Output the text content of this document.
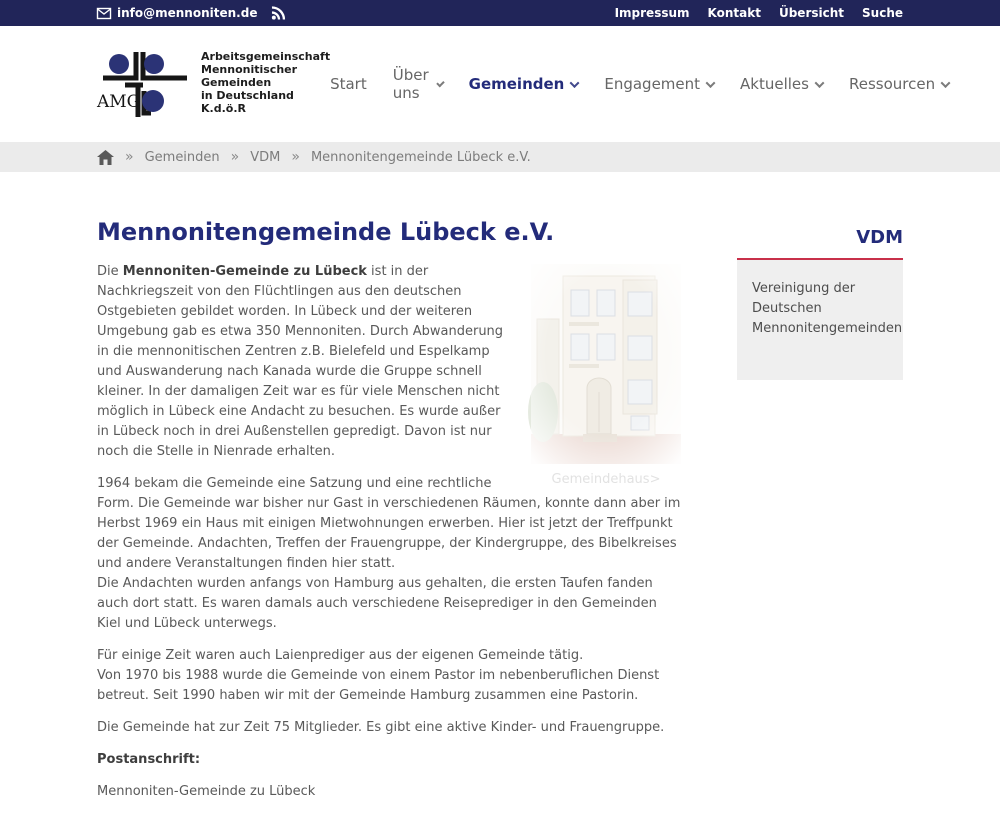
info@mennoniten.de	Impressum Kontakt Übersicht Suche
AMG
Arbeitsgemeinschaft
Mennonitischer Gemeinden
in Deutschland K.d.ö.R
Start Über uns	Gemeinden	Engagement	Aktuelles	Ressourcen
» Gemeinden » VDM » Mennonitengemeinde Lübeck e.V.
Mennonitengemeinde Lübeck e.V.
Gemeindehaus>

Die Mennoniten-Gemeinde zu Lübeck ist in der Nachkriegszeit von den Flüchtlingen aus den deutschen Ostgebieten gebildet worden. In Lübeck und der weiteren Umgebung gab es etwa 350 Mennoniten. Durch Abwanderung in die mennonitischen Zentren z.B. Bielefeld und Espelkamp und Auswanderung nach Kanada wurde die Gruppe schnell kleiner. In der damaligen Zeit war es für viele Menschen nicht möglich in Lübeck eine Andacht zu besuchen. Es wurde außer in Lübeck noch in drei Außenstellen gepredigt. Davon ist nur noch die Stelle in Nienrade erhalten.

1964 bekam die Gemeinde eine Satzung und eine rechtliche Form. Die Gemeinde war bisher nur Gast in verschiedenen Räumen, konnte dann aber im Herbst 1969 ein Haus mit einigen Mietwohnungen erwerben. Hier ist jetzt der Treffpunkt der Gemeinde. Andachten, Treffen der Frauengruppe, der Kindergruppe, des Bibelkreises und andere Veranstaltungen finden hier statt.
Die Andachten wurden anfangs von Hamburg aus gehalten, die ersten Taufen fanden auch dort statt. Es waren damals auch verschiedene Reiseprediger in den Gemeinden Kiel und Lübeck unterwegs.

Für einige Zeit waren auch Laienprediger aus der eigenen Gemeinde tätig.
Von 1970 bis 1988 wurde die Gemeinde von einem Pastor im nebenberuflichen Dienst betreut. Seit 1990 haben wir mit der Gemeinde Hamburg zusammen eine Pastorin.

Die Gemeinde hat zur Zeit 75 Mitglieder. Es gibt eine aktive Kinder- und Frauengruppe.

Postanschrift:

Mennoniten-Gemeinde zu Lübeck

VDM
Vereinigung der Deutschen Mennonitengemeinden
